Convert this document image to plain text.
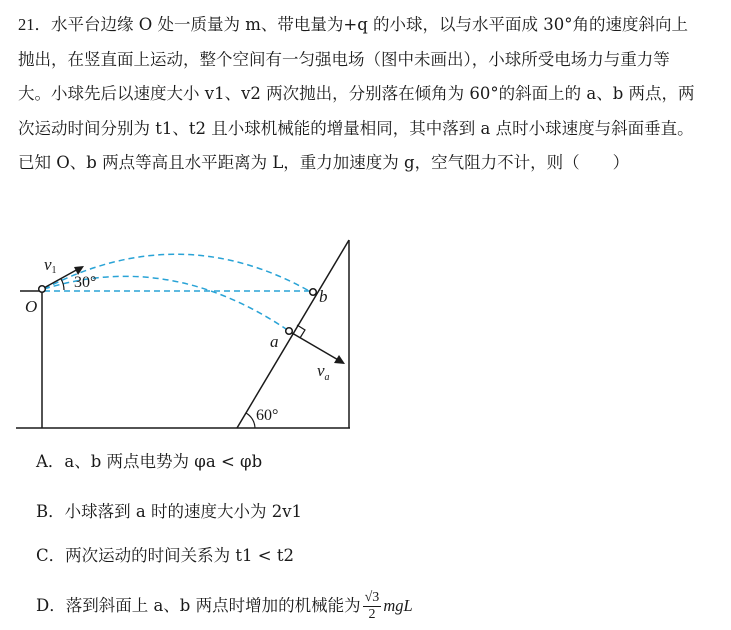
21．水平台边缘 O 处一质量为 m、带电量为+q 的小球，以与水平面成 30°角的速度斜向上

抛出，在竖直面上运动，整个空间有一匀强电场（图中未画出），小球所受电场力与重力等

大。小球先后以速度大小 v1、v2 两次抛出，分别落在倾角为 60°的斜面上的 a、b 两点，两

次运动时间分别为 t1、t2 且小球机械能的增量相同，其中落到 a 点时小球速度与斜面垂直。

已知 O、b 两点等高且水平距离为 L，重力加速度为 g，空气阻力不计，则（　　）

v1
30°
O
b
a
$v_a$
60°
A．a、b 两点电势为 φa < φb
B．小球落到 a 时的速度大小为 2v1
C．两次运动的时间关系为 t1 < t2
D．落到斜面上 a、b 两点时增加的机械能为 $\frac{√3}{2}$ mgL
